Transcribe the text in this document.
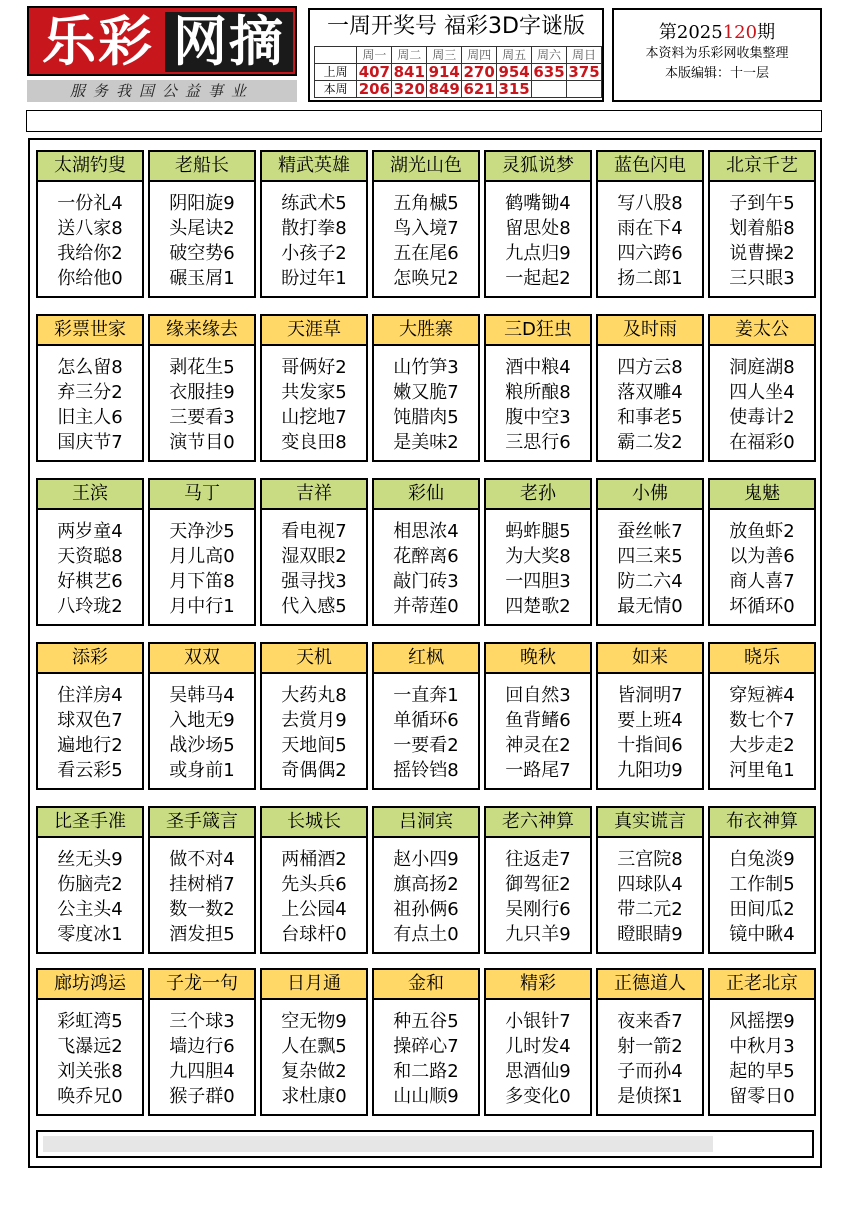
乐彩 网摘
服务我国公益事业
一周开奖号 福彩3D字谜版
	周一	周二	周三	周四	周五	周六	周日
上周	407	841	914	270	954	635	375
本周	206	320	849	621	315		
第2025120期
本资料为乐彩网收集整理
本版编辑：十一层
太湖钓叟
一份礼4
送八家8
我给你2
你给他0
老船长
阴阳旋9
头尾诀2
破空势6
碾玉屑1
精武英雄
练武术5
散打拳8
小孩子2
盼过年1
湖光山色
五角槭5
鸟入境7
五在尾6
怎唤兄2
灵狐说梦
鹤嘴锄4
留思处8
九点归9
一起起2
蓝色闪电
写八股8
雨在下4
四六跨6
扬二郎1
北京千艺
子到午5
划着船8
说曹操2
三只眼3
彩票世家
怎么留8
弃三分2
旧主人6
国庆节7
缘来缘去
剥花生5
衣服挂9
三要看3
演节目0
天涯草
哥俩好2
共发家5
山挖地7
变良田8
大胜寨
山竹笋3
嫩又脆7
饨腊肉5
是美味2
三D狂虫
酒中粮4
粮所酿8
腹中空3
三思行6
及时雨
四方云8
落双雕4
和事老5
霸二发2
姜太公
洞庭湖8
四人坐4
使毒计2
在福彩0
王滨
两岁童4
天资聪8
好棋艺6
八玲珑2
马丁
天净沙5
月儿高0
月下笛8
月中行1
吉祥
看电视7
湿双眼2
强寻找3
代入感5
彩仙
相思浓4
花醉离6
敲门砖3
并蒂莲0
老孙
蚂蚱腿5
为大奖8
一四胆3
四楚歌2
小佛
蚕丝帐7
四三来5
防二六4
最无情0
鬼魅
放鱼虾2
以为善6
商人喜7
坏循环0
添彩
住洋房4
球双色7
遍地行2
看云彩5
双双
吴韩马4
入地无9
战沙场5
或身前1
天机
大药丸8
去赏月9
天地间5
奇偶偶2
红枫
一直奔1
单循环6
一要看2
摇铃铛8
晚秋
回自然3
鱼背鳍6
神灵在2
一路尾7
如来
皆洞明7
要上班4
十指间6
九阳功9
晓乐
穿短裤4
数七个7
大步走2
河里龟1
比圣手准
丝无头9
伤脑壳2
公主头4
零度冰1
圣手箴言
做不对4
挂树梢7
数一数2
酒发担5
长城长
两桶酒2
先头兵6
上公园4
台球杆0
吕洞宾
赵小四9
旗高扬2
祖孙俩6
有点土0
老六神算
往返走7
御驾征2
吴刚行6
九只羊9
真实谎言
三宫院8
四球队4
带二元2
瞪眼睛9
布衣神算
白兔淡9
工作制5
田间瓜2
镜中瞅4
廊坊鸿运
彩虹湾5
飞瀑远2
刘关张8
唤乔兄0
子龙一句
三个球3
墙边行6
九四胆4
猴子群0
日月通
空无物9
人在飘5
复杂做2
求杜康0
金和
种五谷5
操碎心7
和二路2
山山顺9
精彩
小银针7
儿时发4
思酒仙9
多变化0
正德道人
夜来香7
射一箭2
子而孙4
是侦探1
正老北京
风摇摆9
中秋月3
起的早5
留零日0
